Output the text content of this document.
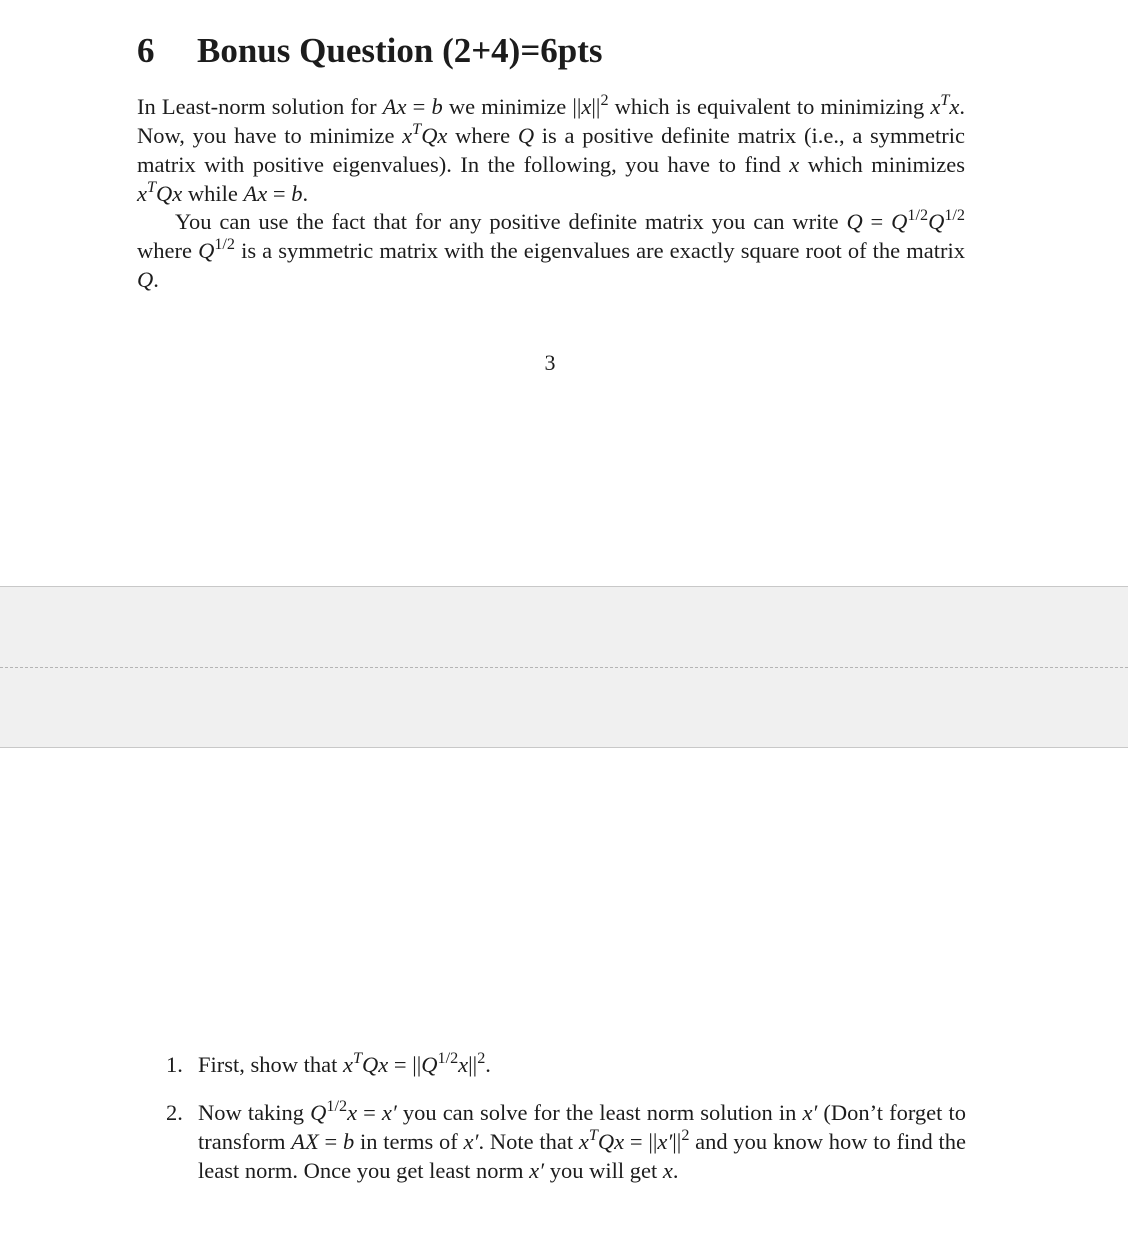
6 Bonus Question (2+4)=6pts
In Least-norm solution for Ax = b we minimize $||x||^2$ which is equivalent to minimizing $x^Tx$. Now, you have to minimize $x^TQx$ where Q is a positive definite matrix (i.e., a symmetric matrix with positive eigenvalues). In the following, you have to find x which minimizes $x^TQx$ while Ax = b.
You can use the fact that for any positive definite matrix you can write $Q = Q^{1/2}Q^{1/2}$ where $Q^{1/2}$ is a symmetric matrix with the eigenvalues are exactly square root of the matrix Q.
3
1. First, show that $x^TQx = ||Q^{1/2}x||^2$.
2. Now taking $Q^{1/2}x = x'$ you can solve for the least norm solution in x′ (Don’t forget to transform AX = b in terms of x′. Note that $x^TQx = ||x'||^2$ and you know how to find the least norm. Once you get least norm x′ you will get x.
